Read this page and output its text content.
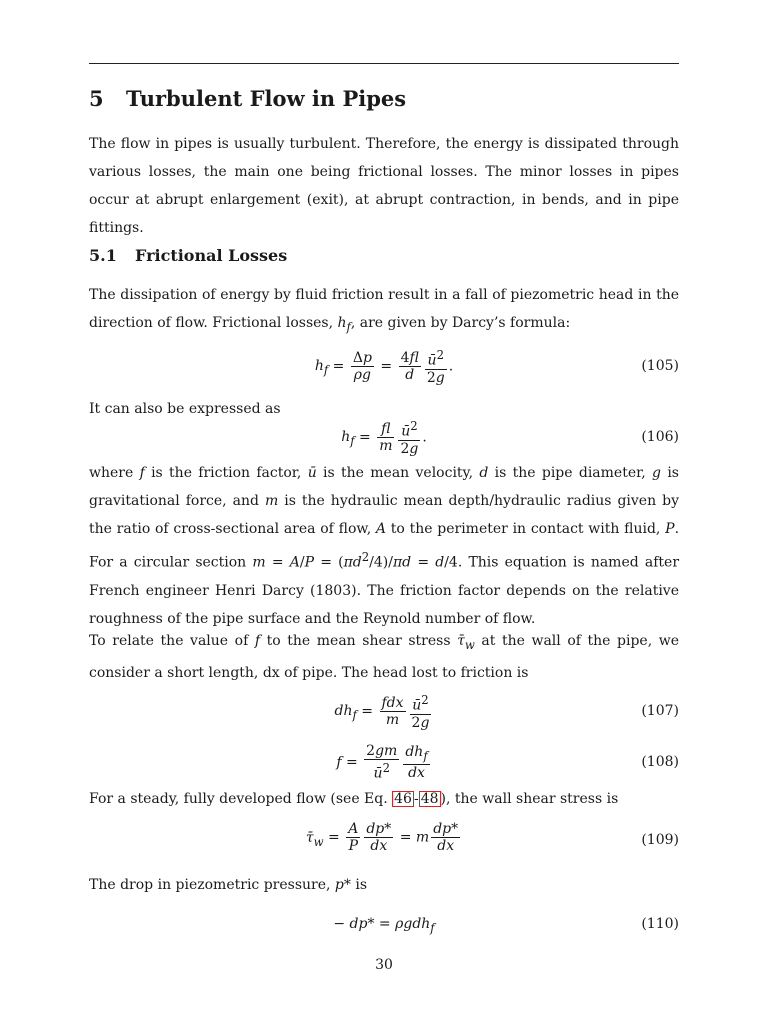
5 Turbulent Flow in Pipes

The flow in pipes is usually turbulent. Therefore, the energy is dissipated through various losses, the main one being frictional losses. The minor losses in pipes occur at abrupt enlargement (exit), at abrupt contraction, in bends, and in pipe fittings.

5.1 Frictional Losses

The dissipation of energy by fluid friction result in a fall of piezometric head in the direction of flow. Frictional losses, $h_f$, are given by Darcy’s formula:

$h_f = \frac{\Delta p}{\rho g} = \frac{4fl}{d} \frac{ū^2}{2g}$ .	(105)
It can also be expressed as
$h_f = \frac{fl}{m} \frac{ū^2}{2g}$ .	(106)

where f is the friction factor, ū is the mean velocity, d is the pipe diameter, g is gravitational force, and m is the hydraulic mean depth/hydraulic radius given by the ratio of cross-sectional area of flow, A to the perimeter in contact with fluid, P. For a circular section $m = A/P = (\pi d^2/4)/\pi d = d/4$. This equation is named after French engineer Henri Darcy (1803). The friction factor depends on the relative roughness of the pipe surface and the Reynold number of flow.

To relate the value of f to the mean shear stress $\taū_w$ at the wall of the pipe, we consider a short length, dx of pipe. The head lost to friction is

$dh_f = \frac{\text{fdx}}{m} \frac{ū^2}{2g}$	(107)
$f = \frac{2gm}{ū^2} \frac{dh_f}{dx}$	(108)
For a steady, fully developed flow (see Eq. 46 - 48 ), the wall shear stress is
$\taū_w = \frac{A}{P} \frac{dp*}{dx} = m \frac{dp*}{dx}$	(109)
The drop in piezometric pressure, p* is
− dp* = ρgdh$_f$	(110)
30
